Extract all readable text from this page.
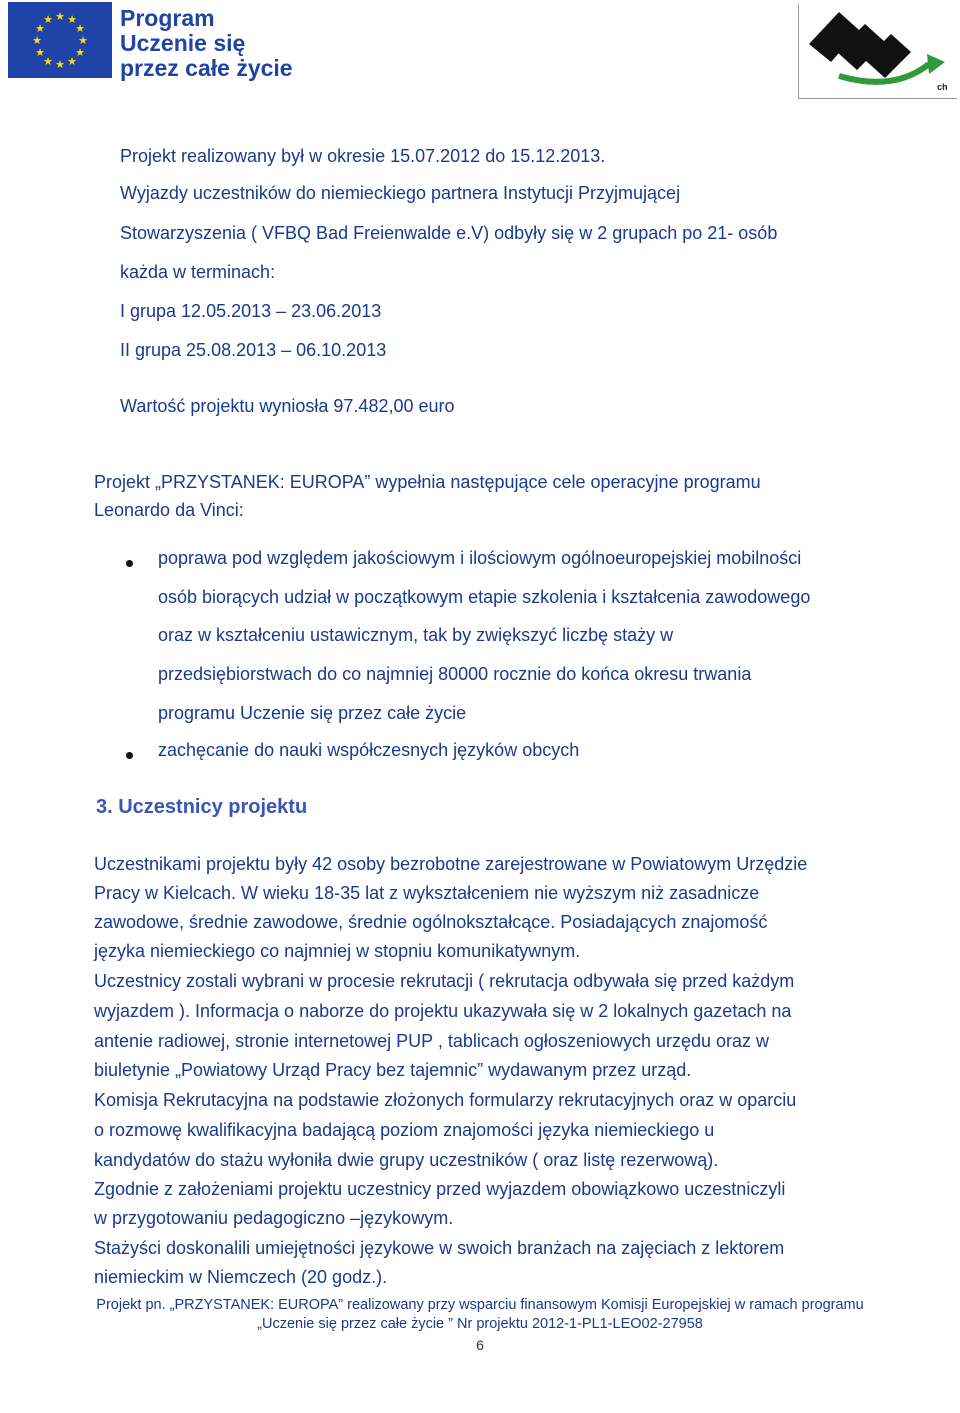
★ ★
★
★
★
★
★
★
★
★
★
★	Program
Uczenie się
przez całe życie
ch
Projekt realizowany był w okresie 15.07.2012 do 15.12.2013.
Wyjazdy uczestników do niemieckiego partnera Instytucji Przyjmującej
Stowarzyszenia ( VFBQ Bad Freienwalde e.V) odbyły się w 2 grupach po 21- osób
każda w terminach:
I grupa 12.05.2013 – 23.06.2013
II grupa 25.08.2013 – 06.10.2013
Wartość projektu wyniosła 97.482,00 euro
Projekt „PRZYSTANEK: EUROPA” wypełnia następujące cele operacyjne programu
Leonardo da Vinci:
poprawa pod względem jakościowym i ilościowym ogólnoeuropejskiej mobilności
osób biorących udział w początkowym etapie szkolenia i kształcenia zawodowego
oraz w kształceniu ustawicznym, tak by zwiększyć liczbę staży w
przedsiębiorstwach do co najmniej 80000 rocznie do końca okresu trwania
programu Uczenie się przez całe życie
zachęcanie do nauki współczesnych języków obcych
3. Uczestnicy projektu
Uczestnikami projektu były 42 osoby bezrobotne zarejestrowane w Powiatowym Urzędzie
Pracy w Kielcach. W wieku 18-35 lat z wykształceniem nie wyższym niż zasadnicze
zawodowe, średnie zawodowe, średnie ogólnokształcące. Posiadających znajomość
języka niemieckiego co najmniej w stopniu komunikatywnym.
Uczestnicy zostali wybrani w procesie rekrutacji ( rekrutacja odbywała się przed każdym
wyjazdem ). Informacja o naborze do projektu ukazywała się w 2 lokalnych gazetach na
antenie radiowej, stronie internetowej PUP , tablicach ogłoszeniowych urzędu oraz w
biuletynie „Powiatowy Urząd Pracy bez tajemnic” wydawanym przez urząd.
Komisja Rekrutacyjna na podstawie złożonych formularzy rekrutacyjnych oraz w oparciu
o rozmowę kwalifikacyjna badającą poziom znajomości języka niemieckiego u
kandydatów do stażu wyłoniła dwie grupy uczestników ( oraz listę rezerwową).
Zgodnie z założeniami projektu uczestnicy przed wyjazdem obowiązkowo uczestniczyli
w przygotowaniu pedagogiczno –językowym.
Stażyści doskonalili umiejętności językowe w swoich branżach na zajęciach z lektorem
niemieckim w Niemczech (20 godz.).
Projekt pn. „PRZYSTANEK: EUROPA” realizowany przy wsparciu finansowym Komisji Europejskiej w ramach programu
„Uczenie się przez całe życie ” Nr projektu 2012-1-PL1-LEO02-27958
6
